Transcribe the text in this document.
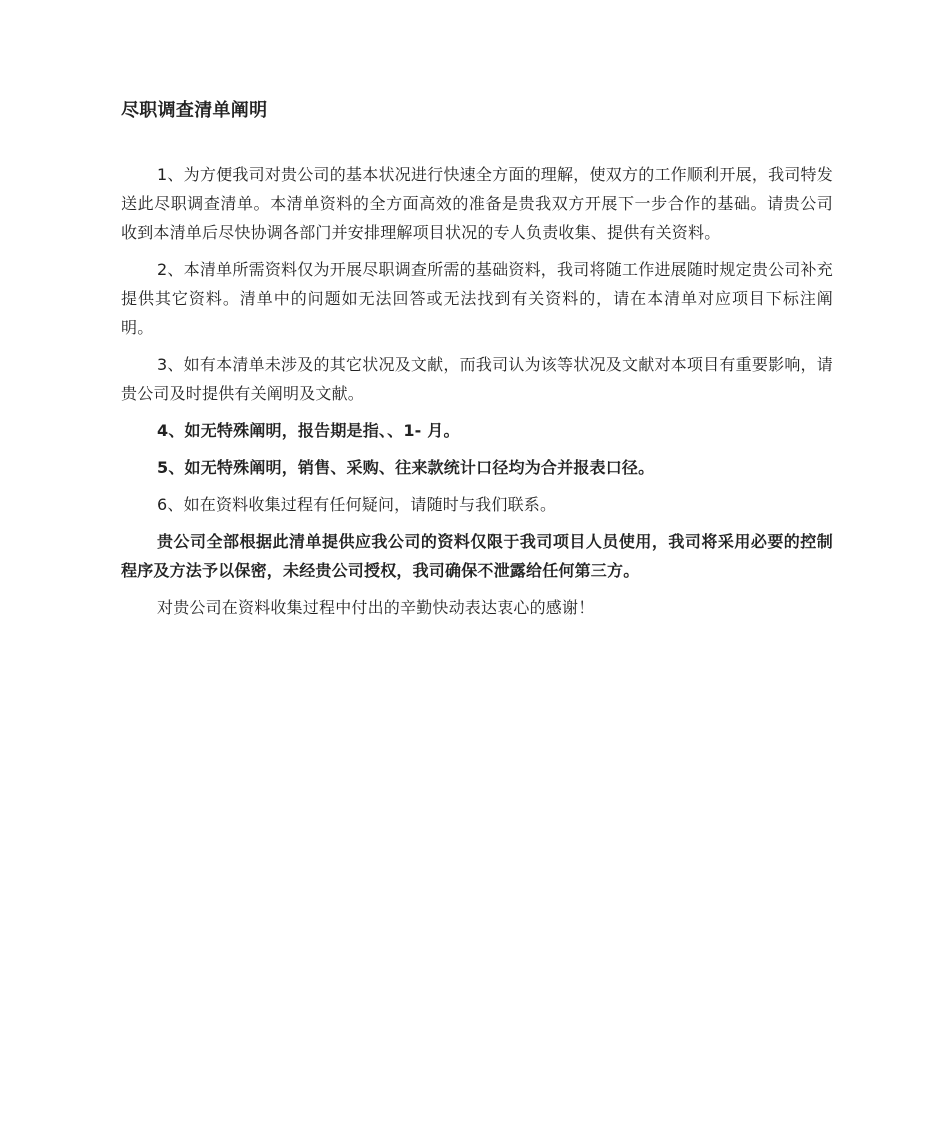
尽职调查清单阐明

1、为方便我司对贵公司的基本状况进行快速全方面的理解，使双方的工作顺利开展，我司特发送此尽职调查清单。本清单资料的全方面高效的准备是贵我双方开展下一步合作的基础。请贵公司收到本清单后尽快协调各部门并安排理解项目状况的专人负责收集、提供有关资料。

2、本清单所需资料仅为开展尽职调查所需的基础资料，我司将随工作进展随时规定贵公司补充提供其它资料。清单中的问题如无法回答或无法找到有关资料的，请在本清单对应项目下标注阐明。

3、如有本清单未涉及的其它状况及文献，而我司认为该等状况及文献对本项目有重要影响，请贵公司及时提供有关阐明及文献。

4、如无特殊阐明，报告期是指、、1- 月。

5、如无特殊阐明，销售、采购、往来款统计口径均为合并报表口径。

6、如在资料收集过程有任何疑问，请随时与我们联系。

贵公司全部根据此清单提供应我公司的资料仅限于我司项目人员使用，我司将采用必要的控制程序及方法予以保密，未经贵公司授权，我司确保不泄露给任何第三方。

对贵公司在资料收集过程中付出的辛勤快动表达衷心的感谢！
